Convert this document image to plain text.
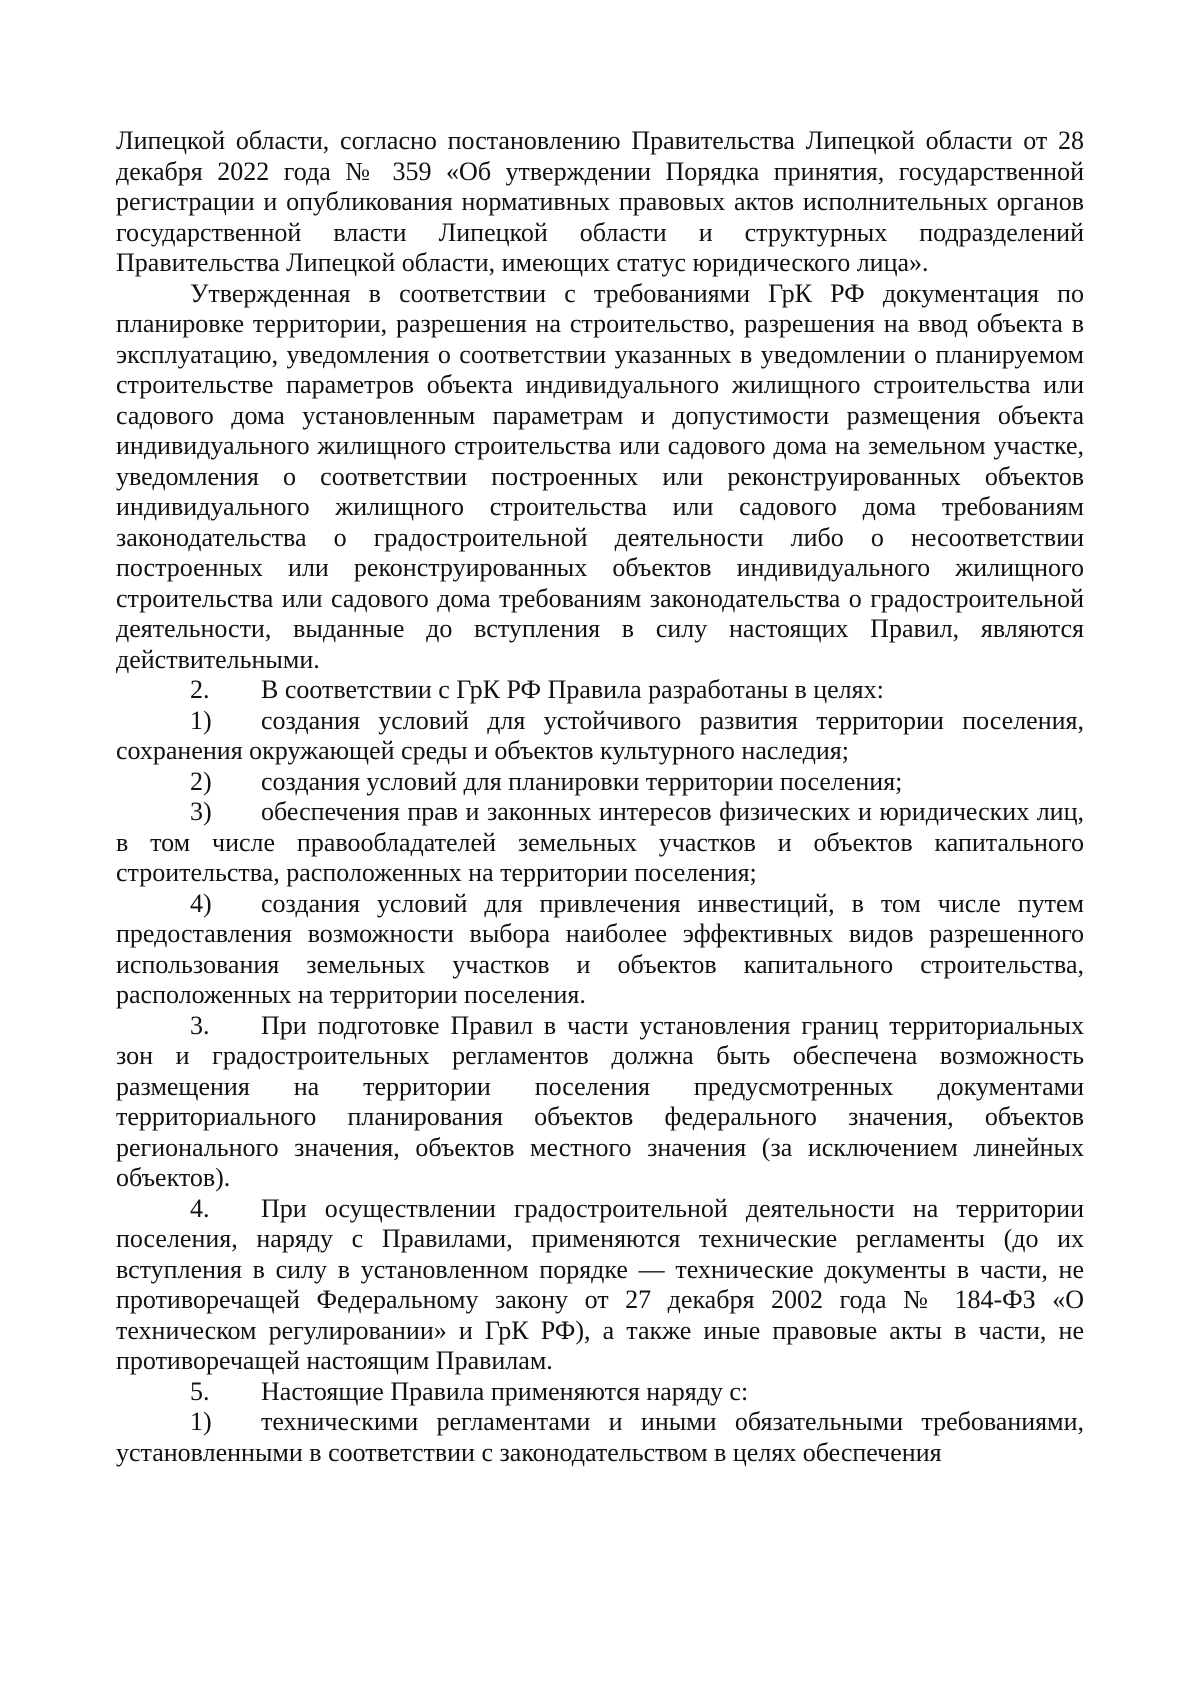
Липецкой области, согласно постановлению Правительства Липецкой области от 28 декабря 2022 года № 359 «Об утверждении Порядка принятия, государственной регистрации и опубликования нормативных правовых актов исполнительных органов государственной власти Липецкой области и структурных подразделений Правительства Липецкой области, имеющих статус юридического лица».

Утвержденная в соответствии с требованиями ГрК РФ документация по планировке территории, разрешения на строительство, разрешения на ввод объекта в эксплуатацию, уведомления о соответствии указанных в уведомлении о планируемом строительстве параметров объекта индивидуального жилищного строительства или садового дома установленным параметрам и допустимости размещения объекта индивидуального жилищного строительства или садового дома на земельном участке, уведомления о соответствии построенных или реконструированных объектов индивидуального жилищного строительства или садового дома требованиям законодательства о градостроительной деятельности либо о несоответствии построенных или реконструированных объектов индивидуального жилищного строительства или садового дома требованиям законодательства о градостроительной деятельности, выданные до вступления в силу настоящих Правил, являются действительными.

2. В соответствии с ГрК РФ Правила разработаны в целях:

1) создания условий для устойчивого развития территории поселения, сохранения окружающей среды и объектов культурного наследия;

2) создания условий для планировки территории поселения;

3) обеспечения прав и законных интересов физических и юридических лиц, в том числе правообладателей земельных участков и объектов капитального строительства, расположенных на территории поселения;

4) создания условий для привлечения инвестиций, в том числе путем предоставления возможности выбора наиболее эффективных видов разрешенного использования земельных участков и объектов капитального строительства, расположенных на территории поселения.

3. При подготовке Правил в части установления границ территориальных зон и градостроительных регламентов должна быть обеспечена возможность размещения на территории поселения предусмотренных документами территориального планирования объектов федерального значения, объектов регионального значения, объектов местного значения (за исключением линейных объектов).

4. При осуществлении градостроительной деятельности на территории поселения, наряду с Правилами, применяются технические регламенты (до их вступления в силу в установленном порядке — технические документы в части, не противоречащей Федеральному закону от 27 декабря 2002 года № 184-ФЗ «О техническом регулировании» и ГрК РФ), а также иные правовые акты в части, не противоречащей настоящим Правилам.

5. Настоящие Правила применяются наряду с:

1) техническими регламентами и иными обязательными требованиями, установленными в соответствии с законодательством в целях обеспечения
